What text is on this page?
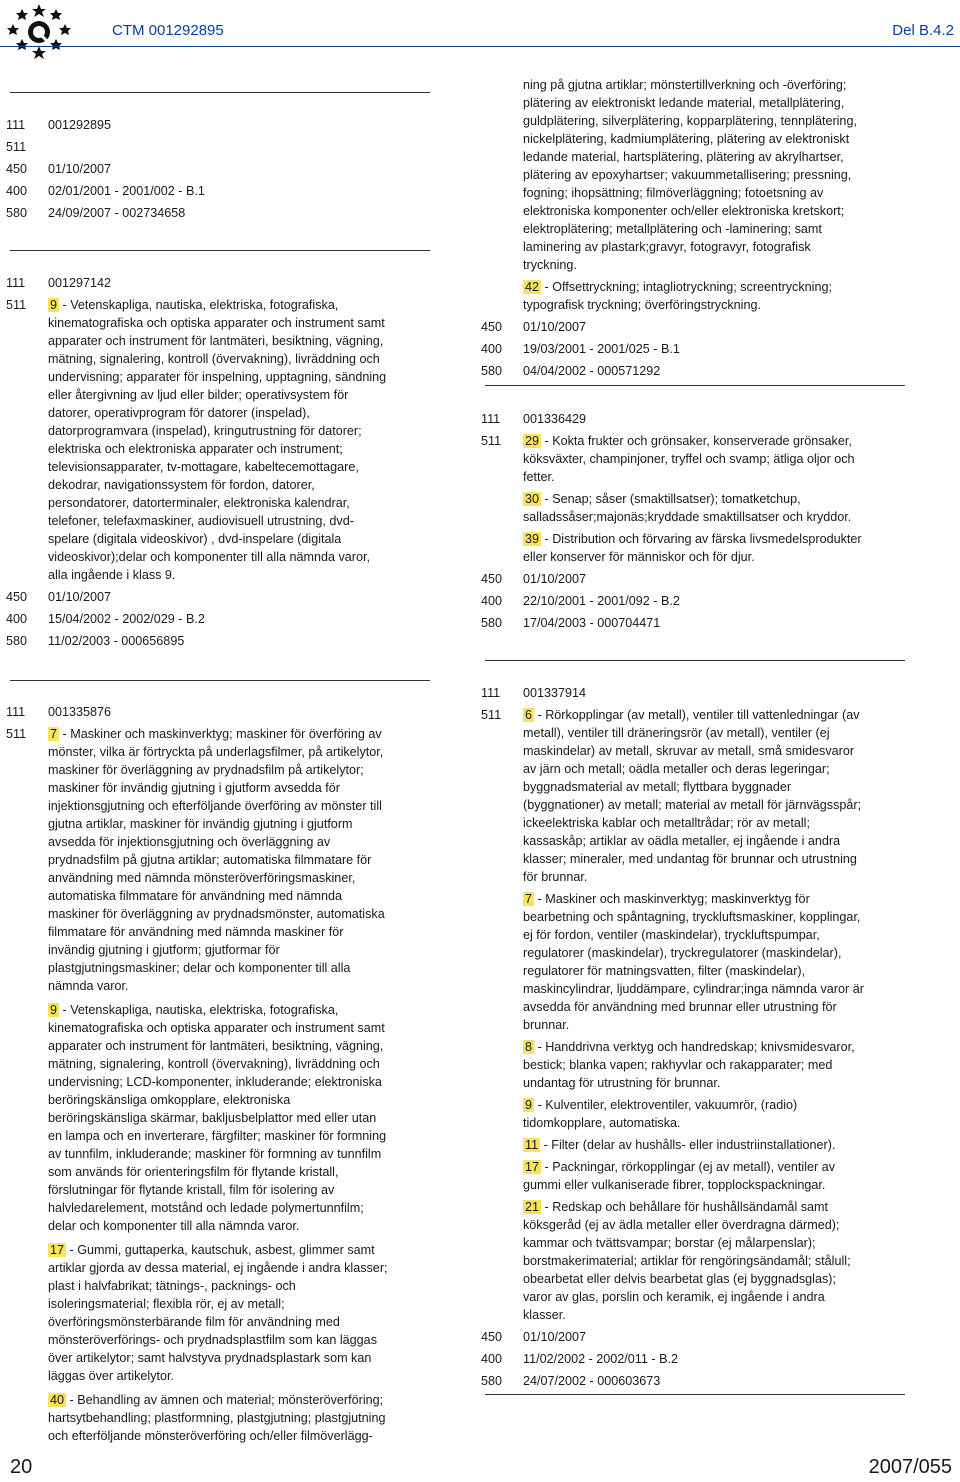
CTM 001292895	Del B.4.2
111 001292895
511

450 01/10/2007
400 02/01/2001 - 2001/002 - B.1
580 24/09/2007 - 002734658
111 001297142
511 9 - Vetenskapliga, nautiska, elektriska, fotografiska, kinematografiska och optiska apparater och instrument samt apparater och instrument för lantmäteri, besiktning, vägning, mätning, signalering, kontroll (övervakning), livräddning och undervisning; apparater för inspelning, upptagning, sändning eller återgivning av ljud eller bilder; operativsystem för datorer, operativprogram för datorer (inspelad), datorprogramvara (inspelad), kringutrustning för datorer; elektriska och elektroniska apparater och instrument; televisionsapparater, tv-mottagare, kabeltecemottagare, dekodrar, navigationssystem för fordon, datorer, persondatorer, datorterminaler, elektroniska kalendrar, telefoner, telefaxmaskiner, audiovisuell utrustning, dvd-spelare (digitala videoskivor) , dvd-inspelare (digitala videoskivor);delar och komponenter till alla nämnda varor, alla ingående i klass 9.
450 01/10/2007
400 15/04/2002 - 2002/029 - B.2
580 11/02/2003 - 000656895
111 001335876
511 7 - Maskiner och maskinverktyg; maskiner för överföring av mönster, vilka är förtryckta på underlagsfilmer, på artikelytor, maskiner för överläggning av prydnadsfilm på artikelytor; maskiner för invändig gjutning i gjutform avsedda för injektionsgjutning och efterföljande överföring av mönster till gjutna artiklar, maskiner för invändig gjutning i gjutform avsedda för injektionsgjutning och överläggning av prydnadsfilm på gjutna artiklar; automatiska filmmatare för användning med nämnda mönsteröverföringsmaskiner, automatiska filmmatare för användning med nämnda maskiner för överläggning av prydnadsmönster, automatiska filmmatare för användning med nämnda maskiner för invändig gjutning i gjutform; gjutformar för plastgjutningsmaskiner; delar och komponenter till alla nämnda varor.
9 - Vetenskapliga, nautiska, elektriska, fotografiska, kinematografiska och optiska apparater och instrument samt apparater och instrument för lantmäteri, besiktning, vägning, mätning, signalering, kontroll (övervakning), livräddning och undervisning; LCD-komponenter, inkluderande; elektroniska beröringskänsliga omkopplare, elektroniska beröringskänsliga skärmar, bakljusbelplattor med eller utan en lampa och en inverterare, färgfilter; maskiner för formning av tunnfilm, inkluderande; maskiner för formning av tunnfilm som används för orienteringsfilm för flytande kristall, förslutningar för flytande kristall, film för isolering av halvledarelement, motstånd och ledade polymertunnfilm; delar och komponenter till alla nämnda varor.
17 - Gummi, guttaperka, kautschuk, asbest, glimmer samt artiklar gjorda av dessa material, ej ingående i andra klasser; plast i halvfabrikat; tätnings-, packnings- och isoleringsmaterial; flexibla rör, ej av metall; överföringsmönsterbärande film för användning med mönsteröverförings- och prydnadsplastfilm som kan läggas över artikelytor; samt halvstyva prydnadsplastark som kan läggas över artikelytor.
40 - Behandling av ämnen och material; mönsteröverföring; hartsytbehandling; plastformning, plastgjutning; plastgjutning och efterföljande mönsteröverföring och/eller filmöverlägg-
ning på gjutna artiklar; mönstertillverkning och -överföring; plätering av elektroniskt ledande material, metallplätering, guldplätering, silverplätering, kopparplätering, tennplätering, nickelplätering, kadmiumplätering, plätering av elektroniskt ledande material, hartsplätering, plätering av akrylhartser, plätering av epoxyhartser; vakuummetallisering; pressning, fogning; ihopsättning; filmöverläggning; fotoetsning av elektroniska komponenter och/eller elektroniska kretskort; elektroplätering; metallplätering och -laminering; samt laminering av plastark;gravyr, fotogravyr, fotografisk tryckning.
42 - Offsettryckning; intagliotryckning; screentryckning; typografisk tryckning; överföringstryckning.
450 01/10/2007
400 19/03/2001 - 2001/025 - B.1
580 04/04/2002 - 000571292
111 001336429
511 29 - Kokta frukter och grönsaker, konserverade grönsaker, köksväxter, champinjoner, tryffel och svamp; ätliga oljor och fetter.
30 - Senap; såser (smaktillsatser); tomatketchup, salladssåser;majonäs;kryddade smaktillsatser och kryddor.
39 - Distribution och förvaring av färska livsmedelsprodukter eller konserver för människor och för djur.
450 01/10/2007
400 22/10/2001 - 2001/092 - B.2
580 17/04/2003 - 000704471
111 001337914
511 6 - Rörkopplingar (av metall), ventiler till vattenledningar (av metall), ventiler till dräneringsrör (av metall), ventiler (ej maskindelar) av metall, skruvar av metall, små smidesvaror av järn och metall; oädla metaller och deras legeringar; byggnadsmaterial av metall; flyttbara byggnader (byggnationer) av metall; material av metall för järnvägsspår; ickeelektriska kablar och metalltrådar; rör av metall; kassaskåp; artiklar av oädla metaller, ej ingående i andra klasser; mineraler, med undantag för brunnar och utrustning för brunnar.
7 - Maskiner och maskinverktyg; maskinverktyg för bearbetning och spåntagning, tryckluftsmaskiner, kopplingar, ej för fordon, ventiler (maskindelar), tryckluftspumpar, regulatorer (maskindelar), tryckregulatorer (maskindelar), regulatorer för matningsvatten, filter (maskindelar), maskincylindrar, ljuddämpare, cylindrar;inga nämnda varor är avsedda för användning med brunnar eller utrustning för brunnar.
8 - Handdrivna verktyg och handredskap; knivsmidesvaror, bestick; blanka vapen; rakhyvlar och rakapparater; med undantag för utrustning för brunnar.
9 - Kulventiler, elektroventiler, vakuumrör, (radio) tidomkopplare, automatiska.
11 - Filter (delar av hushålls- eller industriinstallationer).
17 - Packningar, rörkopplingar (ej av metall), ventiler av gummi eller vulkaniserade fibrer, topplockspackningar.
21 - Redskap och behållare för hushållsändamål samt köksgeråd (ej av ädla metaller eller överdragna därmed); kammar och tvättsvampar; borstar (ej målarpenslar); borstmakerimaterial; artiklar för rengöringsändamål; stålull; obearbetat eller delvis bearbetat glas (ej byggnadsglas); varor av glas, porslin och keramik, ej ingående i andra klasser.
450 01/10/2007
400 11/02/2002 - 2002/011 - B.2
580 24/07/2002 - 000603673
20	2007/055
